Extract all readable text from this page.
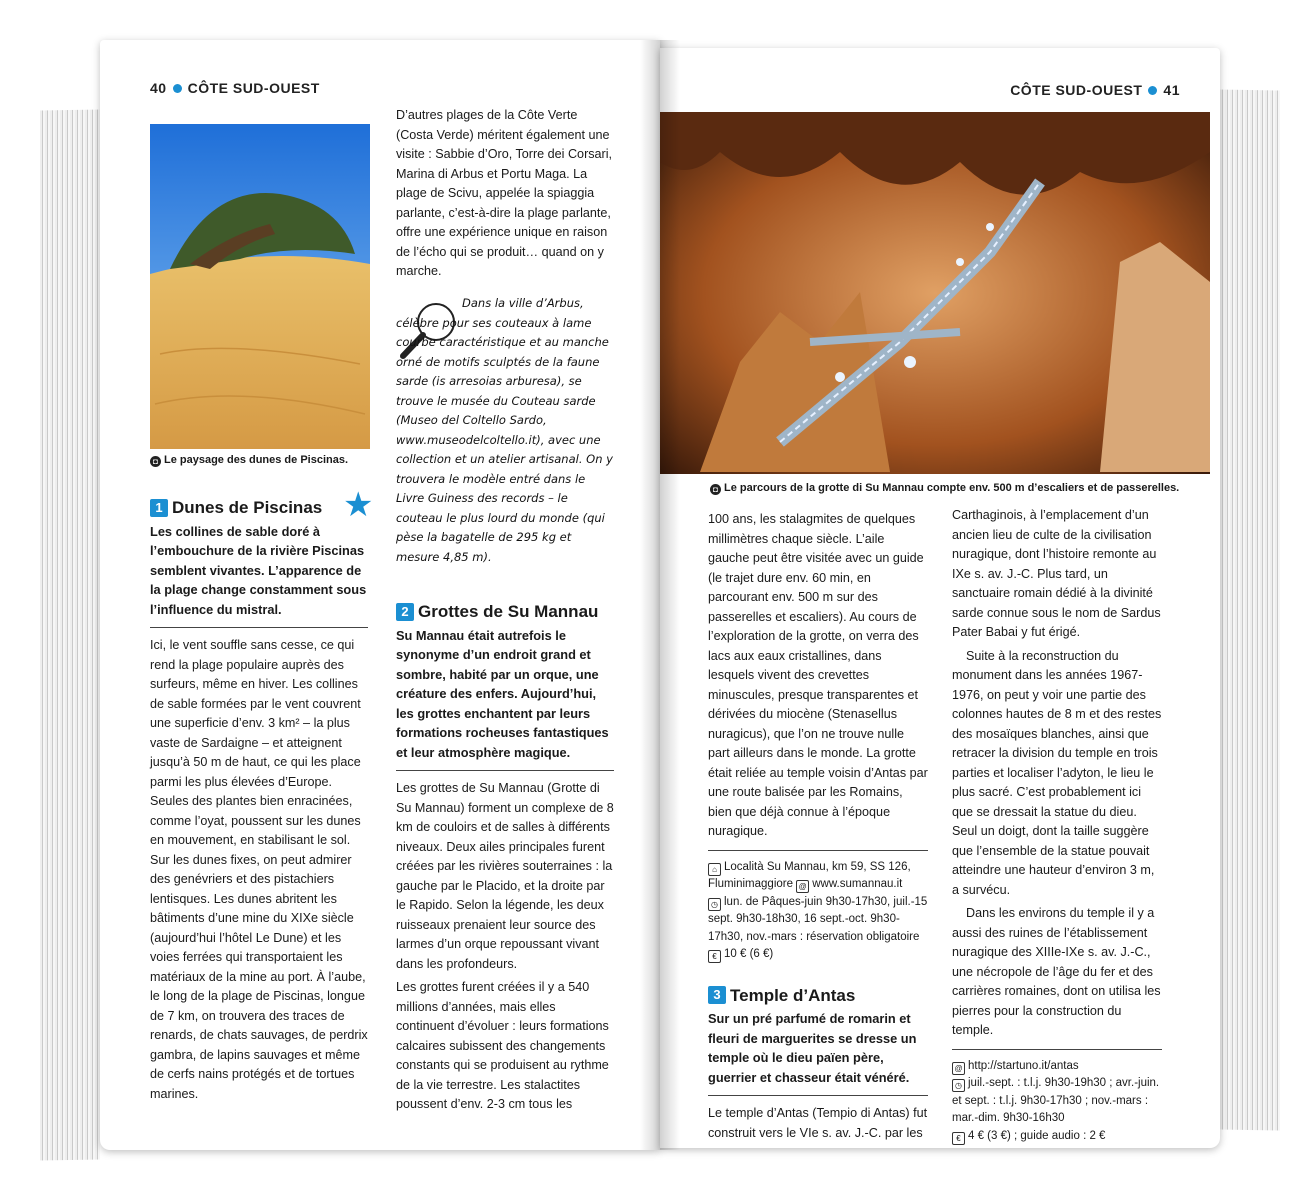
40 CÔTE SUD-OUEST
◘ Le paysage des dunes de Piscinas.
1 Dunes de Piscinas

Les collines de sable doré à l’embouchure de la rivière Piscinas semblent vivantes. L’apparence de la plage change constamment sous l’influence du mistral.

Ici, le vent souffle sans cesse, ce qui rend la plage populaire auprès des surfeurs, même en hiver. Les collines de sable formées par le vent couvrent une superficie d’env. 3 km² – la plus vaste de Sardaigne – et atteignent jusqu’à 50 m de haut, ce qui les place parmi les plus élevées d’Europe. Seules des plantes bien enracinées, comme l’oyat, poussent sur les dunes en mouvement, en stabilisant le sol. Sur les dunes fixes, on peut admirer des genévriers et des pistachiers lentisques. Les dunes abritent les bâtiments d’une mine du XIXe siècle (aujourd’hui l’hôtel Le Dune) et les voies ferrées qui transportaient les matériaux de la mine au port. À l’aube, le long de la plage de Piscinas, longue de 7 km, on trouvera des traces de renards, de chats sauvages, de perdrix gambra, de lapins sauvages et même de cerfs nains protégés et de tortues marines.

★

D’autres plages de la Côte Verte (Costa Verde) méritent également une visite : Sabbie d’Oro, Torre dei Corsari, Marina di Arbus et Portu Maga. La plage de Scivu, appelée la spiaggia parlante, c’est-à-dire la plage parlante, offre une expérience unique en raison de l’écho qui se produit… quand on y marche.

Dans la ville d’Arbus, célèbre pour ses couteaux à lame courbe caractéristique et au manche orné de motifs sculptés de la faune sarde (is arresoias arburesa), se trouve le musée du Couteau sarde (Museo del Coltello Sardo, www.museodelcoltello.it), avec une collection et un atelier artisanal. On y trouvera le modèle entré dans le Livre Guiness des records – le couteau le plus lourd du monde (qui pèse la bagatelle de 295 kg et mesure 4,85 m).
2 Grottes de Su Mannau

Su Mannau était autrefois le synonyme d’un endroit grand et sombre, habité par un orque, une créature des enfers. Aujourd’hui, les grottes enchantent par leurs formations rocheuses fantastiques et leur atmosphère magique.

Les grottes de Su Mannau (Grotte di Su Mannau) forment un complexe de 8 km de couloirs et de salles à différents niveaux. Deux ailes principales furent créées par les rivières souterraines : la gauche par le Placido, et la droite par le Rapido. Selon la légende, les deux ruisseaux prenaient leur source des larmes d’un orque repoussant vivant dans les profondeurs.

Les grottes furent créées il y a 540 millions d’années, mais elles continuent d’évoluer : leurs formations calcaires subissent des changements constants qui se produisent au rythme de la vie terrestre. Les stalactites poussent d’env. 2-3 cm tous les

CÔTE SUD-OUEST 41
◘ Le parcours de la grotte di Su Mannau compte env. 500 m d’escaliers et de passerelles.

100 ans, les stalagmites de quelques millimètres chaque siècle. L’aile gauche peut être visitée avec un guide (le trajet dure env. 60 min, en parcourant env. 500 m sur des passerelles et escaliers). Au cours de l’exploration de la grotte, on verra des lacs aux eaux cristallines, dans lesquels vivent des crevettes minuscules, presque transparentes et dérivées du miocène (Stenasellus nuragicus), que l’on ne trouve nulle part ailleurs dans le monde. La grotte était reliée au temple voisin d’Antas par une route balisée par les Romains, bien que déjà connue à l’époque nuragique.

⌂ Località Su Mannau, km 59, SS 126, Fluminimaggiore @ www.sumannau.it
◷ lun. de Pâques-juin 9h30-17h30, juil.-15 sept. 9h30-18h30, 16 sept.-oct. 9h30-17h30, nov.-mars : réservation obligatoire € 10 € (6 €)
3 Temple d’Antas

Sur un pré parfumé de romarin et fleuri de marguerites se dresse un temple où le dieu païen père, guerrier et chasseur était vénéré.

Le temple d’Antas (Tempio di Antas) fut construit vers le VIe s. av. J.-C. par les

Carthaginois, à l’emplacement d’un ancien lieu de culte de la civilisation nuragique, dont l’histoire remonte au IXe s. av. J.-C. Plus tard, un sanctuaire romain dédié à la divinité sarde connue sous le nom de Sardus Pater Babai y fut érigé.

Suite à la reconstruction du monument dans les années 1967-1976, on peut y voir une partie des colonnes hautes de 8 m et des restes des mosaïques blanches, ainsi que retracer la division du temple en trois parties et localiser l’adyton, le lieu le plus sacré. C’est probablement ici que se dressait la statue du dieu. Seul un doigt, dont la taille suggère que l’ensemble de la statue pouvait atteindre une hauteur d’environ 3 m, a survécu.

Dans les environs du temple il y a aussi des ruines de l’établissement nuragique des XIIIe-IXe s. av. J.-C., une nécropole de l’âge du fer et des carrières romaines, dont on utilisa les pierres pour la construction du temple.

@ http://startuno.it/antas
◷ juil.-sept. : t.l.j. 9h30-19h30 ; avr.-juin. et sept. : t.l.j. 9h30-17h30 ; nov.-mars : mar.-dim. 9h30-16h30
€ 4 € (3 €) ; guide audio : 2 €
